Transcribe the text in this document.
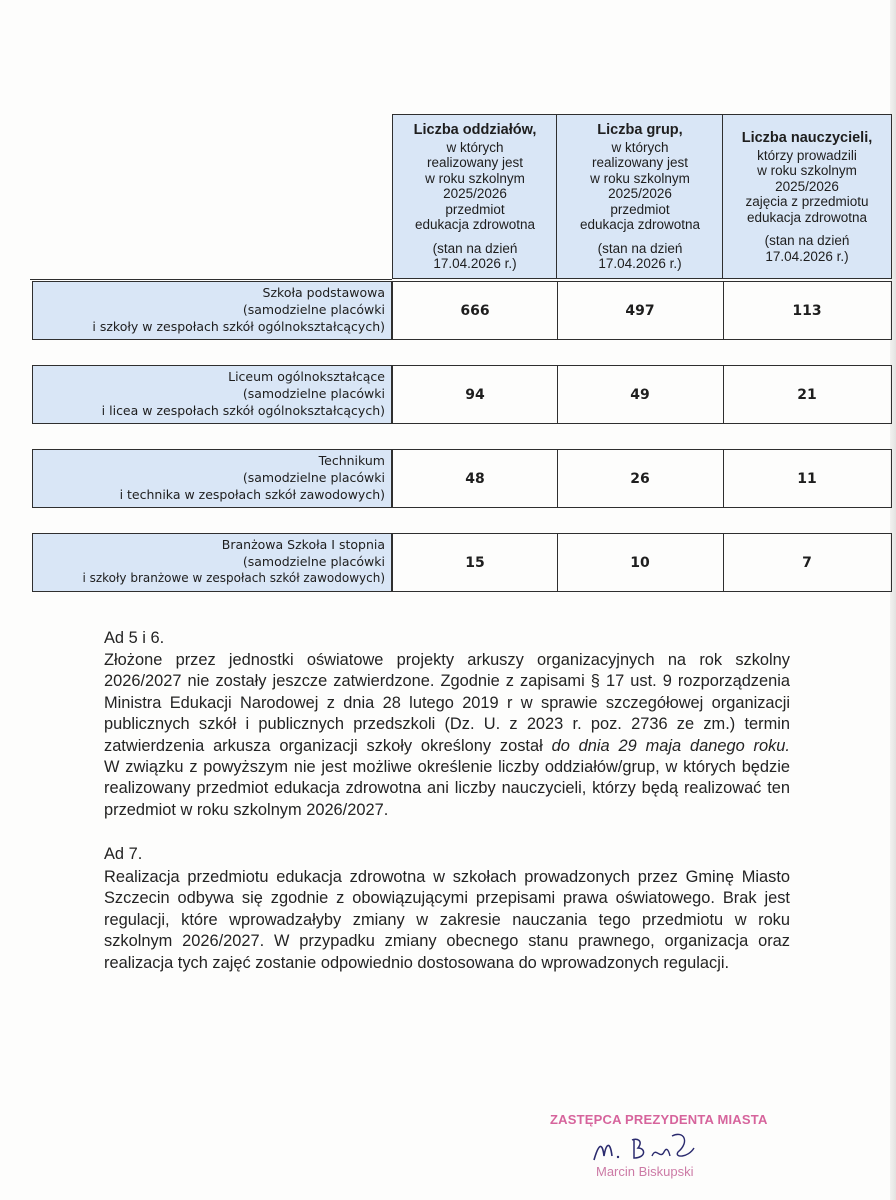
Liczba oddziałów,
w których
realizowany jest
w roku szkolnym
2025/2026
przedmiot
edukacja zdrowotna
(stan na dzień
17.04.2026 r.)
Liczba grup,
w których
realizowany jest
w roku szkolnym
2025/2026
przedmiot
edukacja zdrowotna
(stan na dzień
17.04.2026 r.)
Liczba nauczycieli,
którzy prowadzili
w roku szkolnym
2025/2026
zajęcia z przedmiotu
edukacja zdrowotna
(stan na dzień
17.04.2026 r.)
Szkoła podstawowa
(samodzielne placówki
i szkoły w zespołach szkół ogólnokształcących)
666	497	113
Liceum ogólnokształcące
(samodzielne placówki
i licea w zespołach szkół ogólnokształcących)
94	49	21
Technikum
(samodzielne placówki
i technika w zespołach szkół zawodowych)
48	26	11
Branżowa Szkoła I stopnia
(samodzielne placówki
i szkoły branżowe w zespołach szkół zawodowych)
15	10	7
Ad 5 i 6.
Złożone przez jednostki oświatowe projekty arkuszy organizacyjnych na rok szkolny
2026/2027 nie zostały jeszcze zatwierdzone. Zgodnie z zapisami § 17 ust. 9 rozporządzenia
Ministra Edukacji Narodowej z dnia 28 lutego 2019 r w sprawie szczegółowej organizacji
publicznych szkół i publicznych przedszkoli (Dz. U. z 2023 r. poz. 2736 ze zm.) termin
zatwierdzenia arkusza organizacji szkoły określony został do dnia 29 maja danego roku.
W związku z powyższym nie jest możliwe określenie liczby oddziałów/grup, w których będzie
realizowany przedmiot edukacja zdrowotna ani liczby nauczycieli, którzy będą realizować ten
przedmiot w roku szkolnym 2026/2027.
Ad 7.
Realizacja przedmiotu edukacja zdrowotna w szkołach prowadzonych przez Gminę Miasto
Szczecin odbywa się zgodnie z obowiązującymi przepisami prawa oświatowego. Brak jest
regulacji, które wprowadzałyby zmiany w zakresie nauczania tego przedmiotu w roku
szkolnym 2026/2027. W przypadku zmiany obecnego stanu prawnego, organizacja oraz
realizacja tych zajęć zostanie odpowiednio dostosowana do wprowadzonych regulacji.
ZASTĘPCA PREZYDENTA MIASTA
Marcin Biskupski
